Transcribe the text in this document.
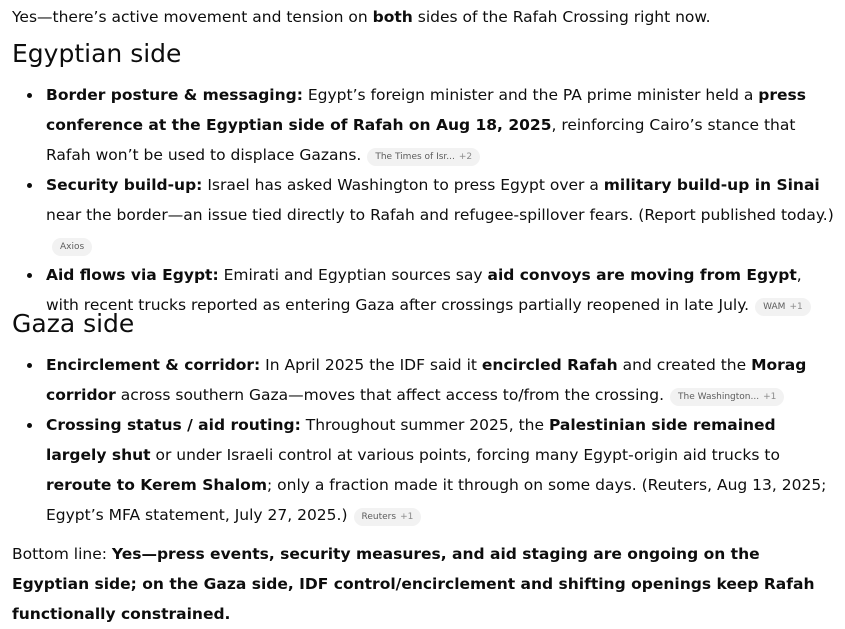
Yes—there’s active movement and tension on both sides of the Rafah Crossing right now.
Egyptian side
Border posture & messaging: Egypt’s foreign minister and the PA prime minister held a press conference at the Egyptian side of Rafah on Aug 18, 2025, reinforcing Cairo’s stance that Rafah won’t be used to displace Gazans. The Times of Isr... +2
Security build-up: Israel has asked Washington to press Egypt over a military build-up in Sinai near the border—an issue tied directly to Rafah and refugee-spillover fears. (Report published today.)Axios
Aid flows via Egypt: Emirati and Egyptian sources say aid convoys are moving from Egypt, with recent trucks reported as entering Gaza after crossings partially reopened in late July. WAM +1
Gaza side
Encirclement & corridor: In April 2025 the IDF said it encircled Rafah and created the Morag corridor across southern Gaza—moves that affect access to/from the crossing. The Washington... +1
Crossing status / aid routing: Throughout summer 2025, the Palestinian side remained largely shut or under Israeli control at various points, forcing many Egypt-origin aid trucks to reroute to Kerem Shalom; only a fraction made it through on some days. (Reuters, Aug 13, 2025; Egypt’s MFA statement, July 27, 2025.) Reuters +1
Bottom line: Yes—press events, security measures, and aid staging are ongoing on the Egyptian side; on the Gaza side, IDF control/encirclement and shifting openings keep Rafah functionally constrained.
